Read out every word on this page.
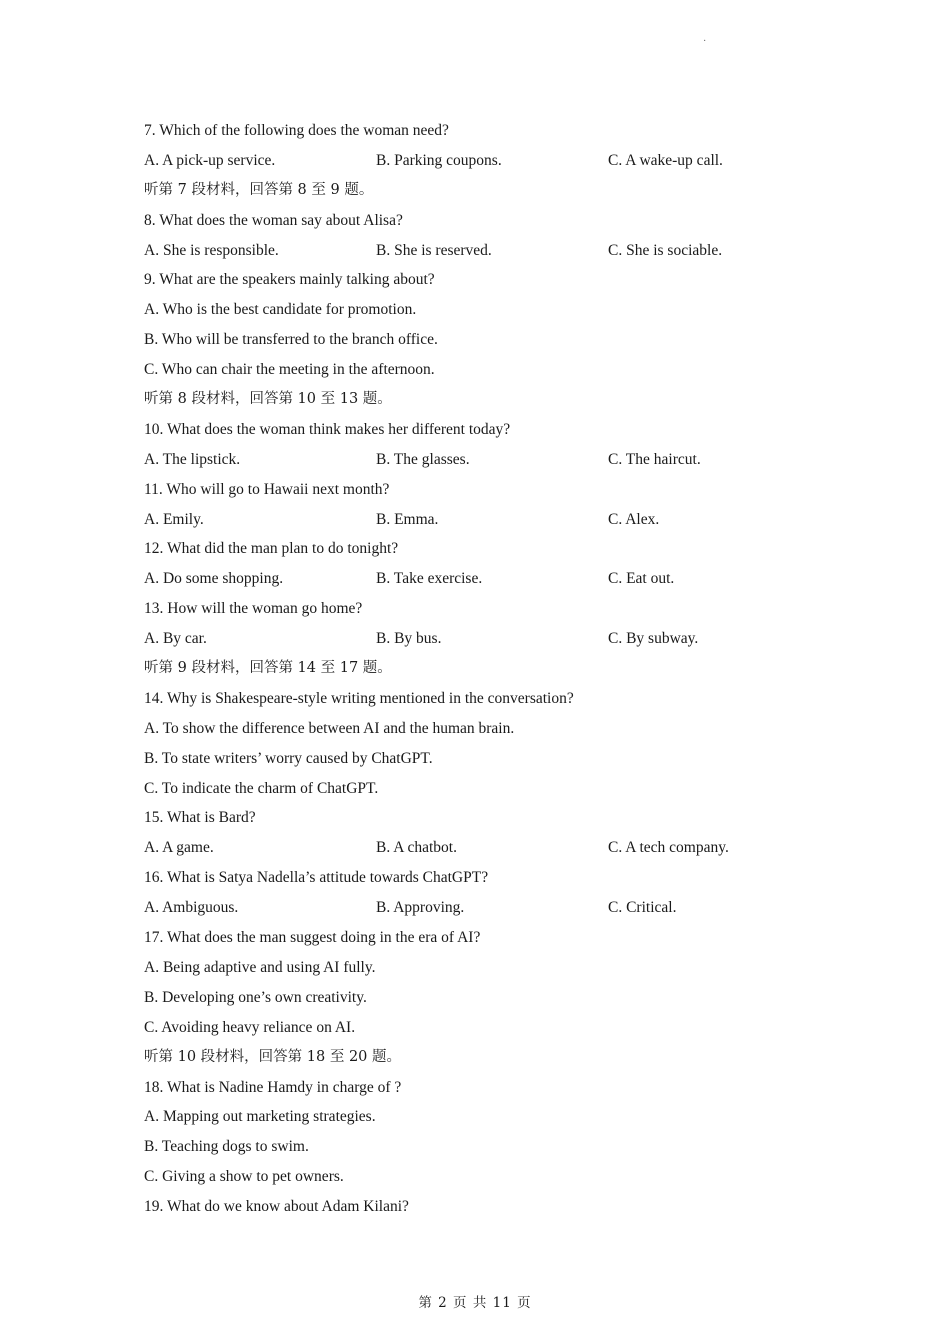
·
7. Which of the following does the woman need?
A. A pick-up service.	B. Parking coupons.	C. A wake-up call.
听第 7 段材料，回答第 8 至 9 题。
8. What does the woman say about Alisa?
A. She is responsible.	B. She is reserved.	C. She is sociable.
9. What are the speakers mainly talking about?
A. Who is the best candidate for promotion.
B. Who will be transferred to the branch office.
C. Who can chair the meeting in the afternoon.
听第 8 段材料，回答第 10 至 13 题。
10. What does the woman think makes her different today?
A. The lipstick.	B. The glasses.	C. The haircut.
11. Who will go to Hawaii next month?
A. Emily.	B. Emma.	C. Alex.
12. What did the man plan to do tonight?
A. Do some shopping.	B. Take exercise.	C. Eat out.
13. How will the woman go home?
A. By car.	B. By bus.	C. By subway.
听第 9 段材料，回答第 14 至 17 题。
14. Why is Shakespeare-style writing mentioned in the conversation?
A. To show the difference between AI and the human brain.
B. To state writers’ worry caused by ChatGPT.
C. To indicate the charm of ChatGPT.
15. What is Bard?
A. A game.	B. A chatbot.	C. A tech company.
16. What is Satya Nadella’s attitude towards ChatGPT?
A. Ambiguous.	B. Approving.	C. Critical.
17. What does the man suggest doing in the era of AI?
A. Being adaptive and using AI fully.
B. Developing one’s own creativity.
C. Avoiding heavy reliance on AI.
听第 10 段材料，回答第 18 至 20 题。
18. What is Nadine Hamdy in charge of ?
A. Mapping out marketing strategies.
B. Teaching dogs to swim.
C. Giving a show to pet owners.
19. What do we know about Adam Kilani?
第 2 页 共 11 页
